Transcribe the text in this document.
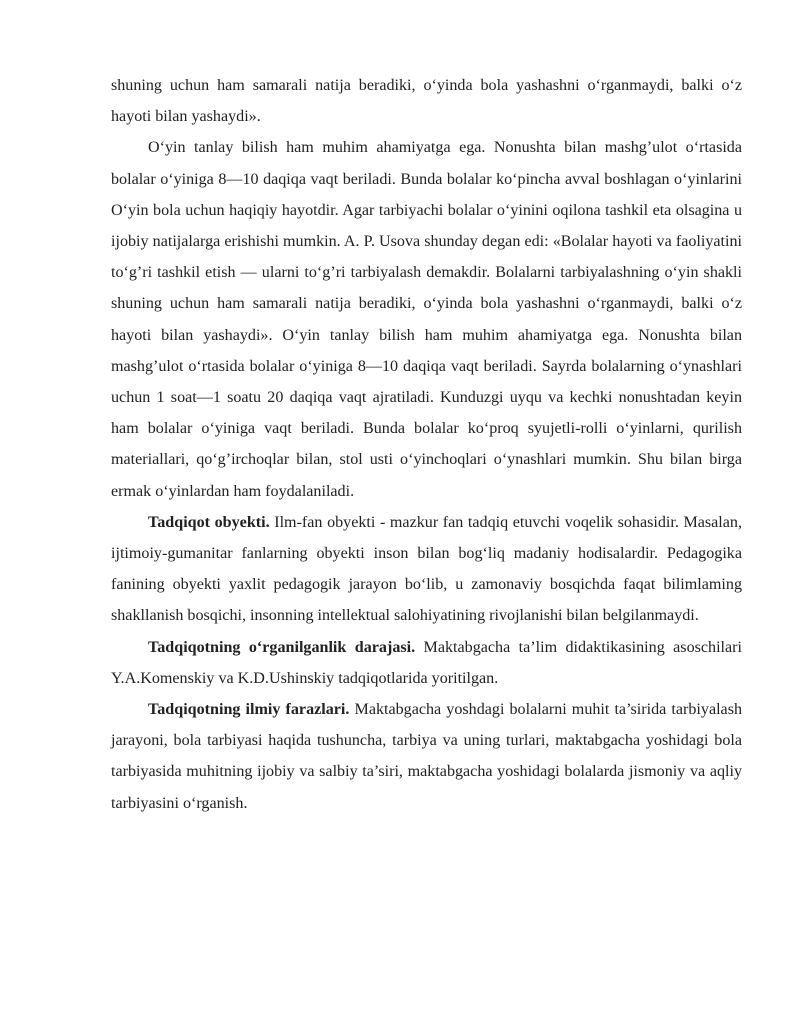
shuning uchun ham samarali natija beradiki, o‘yinda bola yashashni o‘rganmaydi, balki o‘z hayoti bilan yashaydi».

O‘yin tanlay bilish ham muhim ahamiyatga ega. Nonushta bilan mashg’ulot o‘rtasida bolalar o‘yiniga 8—10 daqiqa vaqt beriladi. Bunda bolalar ko‘pincha avval boshlagan o‘yinlarini O‘yin bola uchun haqiqiy hayotdir. Agar tarbiyachi bolalar o‘yinini oqilona tashkil eta olsagina u ijobiy natijalarga erishishi mumkin. A. P. Usova shunday degan edi: «Bolalar hayoti va faoliyatini to‘g’ri tashkil etish — ularni to‘g’ri tarbiyalash demakdir. Bolalarni tarbiyalashning o‘yin shakli shuning uchun ham samarali natija beradiki, o‘yinda bola yashashni o‘rganmaydi, balki o‘z hayoti bilan yashaydi». O‘yin tanlay bilish ham muhim ahamiyatga ega. Nonushta bilan mashg’ulot o‘rtasida bolalar o‘yiniga 8—10 daqiqa vaqt beriladi. Sayrda bolalarning o‘ynashlari uchun 1 soat—1 soatu 20 daqiqa vaqt ajratiladi. Kunduzgi uyqu va kechki nonushtadan keyin ham bolalar o‘yiniga vaqt beriladi. Bunda bolalar ko‘proq syujetli-rolli o‘yinlarni, qurilish materiallari, qo‘g’irchoqlar bilan, stol usti o‘yinchoqlari o‘ynashlari mumkin. Shu bilan birga ermak o‘yinlardan ham foydalaniladi.

Tadqiqot obyekti. Ilm-fan obyekti - mazkur fan tadqiq etuvchi voqelik sohasidir. Masalan, ijtimoiy-gumanitar fanlarning obyekti inson bilan bog‘liq madaniy hodisalardir. Pedagogika fanining obyekti yaxlit pedagogik jarayon bo‘lib, u zamonaviy bosqichda faqat bilimlaming shakllanish bosqichi, insonning intellektual salohiyatining rivojlanishi bilan belgilanmaydi.

Tadqiqotning o‘rganilganlik darajasi. Maktabgacha ta’lim didaktikasining asoschilari Y.A.Komenskiy va K.D.Ushinskiy tadqiqotlarida yoritilgan.

Tadqiqotning ilmiy farazlari. Maktabgacha yoshdagi bolalarni muhit ta’sirida tarbiyalash jarayoni, bola tarbiyasi haqida tushuncha, tarbiya va uning turlari, maktabgacha yoshidagi bola tarbiyasida muhitning ijobiy va salbiy ta’siri, maktabgacha yoshidagi bolalarda jismoniy va aqliy tarbiyasini o‘rganish.
